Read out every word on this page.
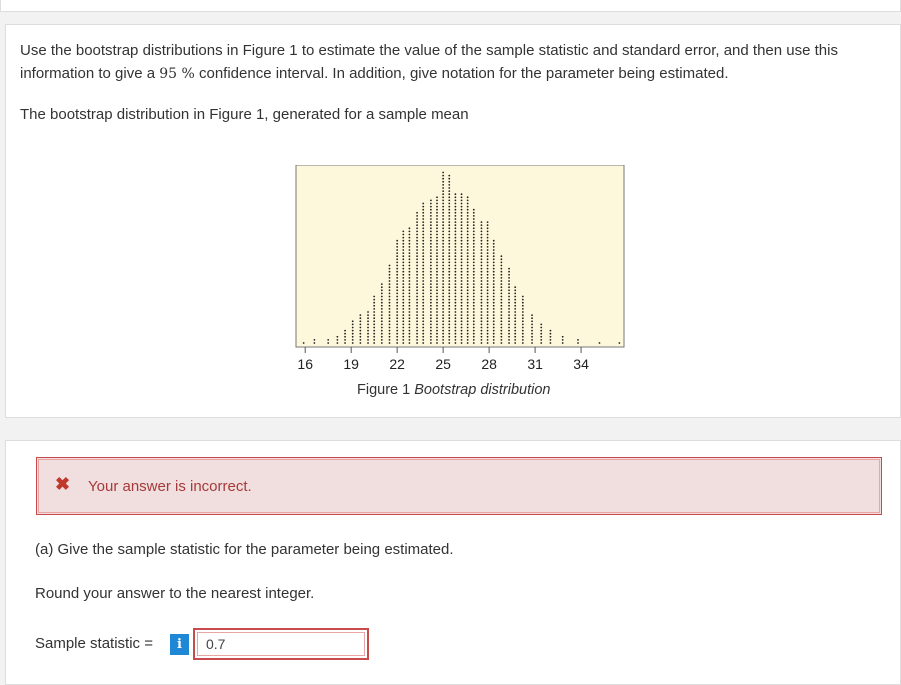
Use the bootstrap distributions in Figure 1 to estimate the value of the sample statistic and standard error, and then use this information to give a 95 % confidence interval. In addition, give notation for the parameter being estimated.

The bootstrap distribution in Figure 1, generated for a sample mean

16 19 22 25 28 31 34
Figure 1 Bootstrap distribution
✖ Your answer is incorrect.
(a) Give the sample statistic for the parameter being estimated.
Round your answer to the nearest integer.
Sample statistic =	i	0.7
